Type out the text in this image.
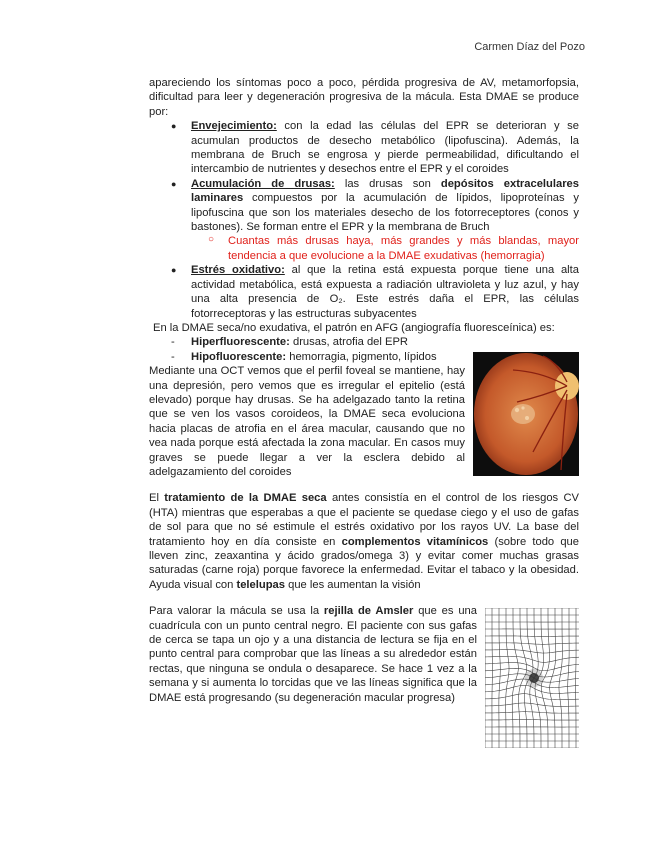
Carmen Díaz del Pozo

apareciendo los síntomas poco a poco, pérdida progresiva de AV, metamorfopsia, dificultad para leer y degeneración progresiva de la mácula. Esta DMAE se produce por:

● Envejecimiento: con la edad las células del EPR se deterioran y se acumulan productos de desecho metabólico (lipofuscina). Además, la membrana de Bruch se engrosa y pierde permeabilidad, dificultando el intercambio de nutrientes y desechos entre el EPR y el coroides
● Acumulación de drusas: las drusas son depósitos extracelulares laminares compuestos por la acumulación de lípidos, lipoproteínas y lipofuscina que son los materiales desecho de los fotorreceptores (conos y bastones). Se forman entre el EPR y la membrana de Bruch
○ Cuantas más drusas haya, más grandes y más blandas, mayor tendencia a que evolucione a la DMAE exudativas (hemorragia)
● Estrés oxidativo: al que la retina está expuesta porque tiene una alta actividad metabólica, está expuesta a radiación ultravioleta y luz azul, y hay una alta presencia de O₂. Este estrés daña el EPR, las células fotorreceptoras y las estructuras subyacentes

En la DMAE seca/no exudativa, el patrón en AFG (angiografía fluoresceínica) es:

- Hiperfluorescente: drusas, atrofia del EPR
- Hipofluorescente: hemorragia, pigmento, lípidos

Mediante una OCT vemos que el perfil foveal se mantiene, hay una depresión, pero vemos que es irregular el epitelio (está elevado) porque hay drusas. Se ha adelgazado tanto la retina que se ven los vasos coroideos, la DMAE seca evoluciona hacia placas de atrofia en el área macular, causando que no vea nada porque está afectada la zona macular. En casos muy graves se puede llegar a ver la esclera debido al adelgazamiento del coroides

El tratamiento de la DMAE seca antes consistía en el control de los riesgos CV (HTA) mientras que esperabas a que el paciente se quedase ciego y el uso de gafas de sol para que no sé estimule el estrés oxidativo por los rayos UV. La base del tratamiento hoy en día consiste en complementos vitamínicos (sobre todo que lleven zinc, zeaxantina y ácido grados/omega 3) y evitar comer muchas grasas saturadas (carne roja) porque favorece la enfermedad. Evitar el tabaco y la obesidad. Ayuda visual con telelupas que les aumentan la visión

Para valorar la mácula se usa la rejilla de Amsler que es una cuadrícula con un punto central negro. El paciente con sus gafas de cerca se tapa un ojo y a una distancia de lectura se fija en el punto central para comprobar que las líneas a su alrededor están rectas, que ninguna se ondula o desaparece. Se hace 1 vez a la semana y si aumenta lo torcidas que ve las líneas significa que la DMAE está progresando (su degeneración macular progresa)
